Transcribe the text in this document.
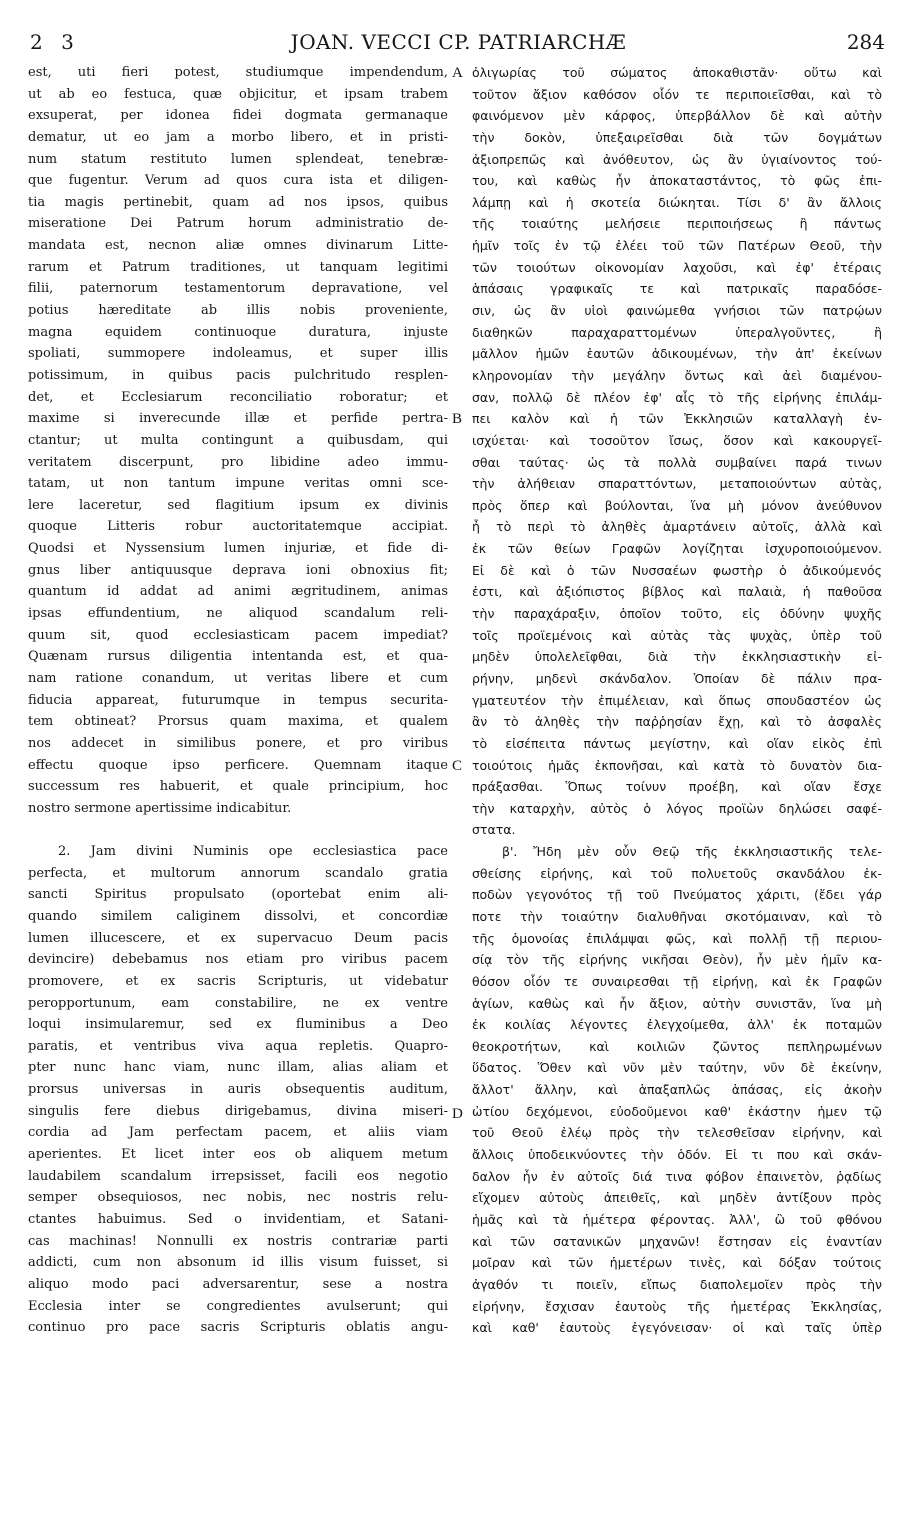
2 3	JOAN. VECCI CP. PATRIARCHÆ	284
est, uti fieri potest, studiumque impendendum,
ut ab eo festuca, quæ objicitur, et ipsam trabem
exsuperat, per idonea fidei dogmata germanaque
dematur, ut eo jam a morbo libero, et in pristi-
num statum restituto lumen splendeat, tenebræ-
que fugentur. Verum ad quos cura ista et diligen-
tia magis pertinebit, quam ad nos ipsos, quibus
miseratione Dei Patrum horum administratio de-
mandata est, necnon aliæ omnes divinarum Litte-
rarum et Patrum traditiones, ut tanquam legitimi
filii, paternorum testamentorum depravatione, vel
potius hæreditate ab illis nobis proveniente,
magna equidem continuoque duratura, injuste
spoliati, summopere indoleamus, et super illis
potissimum, in quibus pacis pulchritudo resplen-
det, et Ecclesiarum reconciliatio roboratur; et
maxime si inverecunde illæ et perfide pertra-
ctantur; ut multa contingunt a quibusdam, qui
veritatem discerpunt, pro libidine adeo immu-
tatam, ut non tantum impune veritas omni sce-
lere laceretur, sed flagitium ipsum ex divinis
quoque Litteris robur auctoritatemque accipiat.
Quodsi et Nyssensium lumen injuriæ, et fide di-
gnus liber antiquusque deprava ioni obnoxius fit;
quantum id addat ad animi ægritudinem, animas
ipsas effundentium, ne aliquod scandalum reli-
quum sit, quod ecclesiasticam pacem impediat?
Quænam rursus diligentia intentanda est, et qua-
nam ratione conandum, ut veritas libere et cum
fiducia appareat, futurumque in tempus securita-
tem obtineat? Prorsus quam maxima, et qualem
nos addecet in similibus ponere, et pro viribus
effectu quoque ipso perficere. Quemnam itaque
successum res habuerit, et quale principium, hoc
nostro sermone apertissime indicabitur.
2. Jam divini Numinis ope ecclesiastica pace
perfecta, et multorum annorum scandalo gratia
sancti Spiritus propulsato (oportebat enim ali-
quando similem caliginem dissolvi, et concordiæ
lumen illucescere, et ex supervacuo Deum pacis
devincire) debebamus nos etiam pro viribus pacem
promovere, et ex sacris Scripturis, ut videbatur
peropportunum, eam constabilire, ne ex ventre
loqui insimularemur, sed ex fluminibus a Deo
paratis, et ventribus viva aqua repletis. Quapro-
pter nunc hanc viam, nunc illam, alias aliam et
prorsus universas in auris obsequentis auditum,
singulis fere diebus dirigebamus, divina miseri-
cordia ad Jam perfectam pacem, et aliis viam
aperientes. Et licet inter eos ob aliquem metum
laudabilem scandalum irrepsisset, facili eos negotio
semper obsequiosos, nec nobis, nec nostris relu-
ctantes habuimus. Sed o invidentiam, et Satani-
cas machinas! Nonnulli ex nostris contrariæ parti
addicti, cum non absonum id illis visum fuisset, si
aliquo modo paci adversarentur, sese a nostra
Ecclesia inter se congredientes avulserunt; qui
continuo pro pace sacris Scripturis oblatis angu-
ὀλιγωρίας τοῦ σώματος ἀποκαθιστᾶν· οὕτω καὶ
τοῦτον ἄξιον καθόσον οἷόν τε περιποιεῖσθαι, καὶ τὸ
φαινόμενον μὲν κάρφος, ὑπερβάλλον δὲ καὶ αὐτὴν
τὴν δοκὸν, ὑπεξαιρεῖσθαι διὰ τῶν δογμάτων
ἀξιοπρεπῶς καὶ ἀνόθευτον, ὡς ἂν ὑγιαίνοντος τού-
του, καὶ καθὼς ἦν ἀποκαταστάντος, τὸ φῶς ἐπι-
λάμπῃ καὶ ἡ σκοτεία διώκηται. Τίσι δ' ἂν ἄλλοις
τῆς τοιαύτης μελήσειε περιποιήσεως ἢ πάντως
ἡμῖν τοῖς ἐν τῷ ἐλέει τοῦ τῶν Πατέρων Θεοῦ, τὴν
τῶν τοιούτων οἰκονομίαν λαχοῦσι, καὶ ἐφ' ἑτέραις
ἁπάσαις γραφικαῖς τε καὶ πατρικαῖς παραδόσε-
σιν, ὡς ἂν υἱοὶ φαινώμεθα γνήσιοι τῶν πατρῴων
διαθηκῶν παραχαραττομένων ὑπεραλγοῦντες, ἢ
μᾶλλον ἡμῶν ἑαυτῶν ἀδικουμένων, τὴν ἀπ' ἐκείνων
κληρονομίαν τὴν μεγάλην ὄντως καὶ ἀεὶ διαμένου-
σαν, πολλῷ δὲ πλέον ἐφ' αἷς τὸ τῆς εἰρήνης ἐπιλάμ-
πει καλὸν καὶ ἡ τῶν Ἐκκλησιῶν καταλλαγὴ ἐν-
ισχύεται· καὶ τοσοῦτον ἴσως, ὅσον καὶ κακουργεῖ-
σθαι ταύτας· ὡς τὰ πολλὰ συμβαίνει παρά τινων
τὴν ἀλήθειαν σπαραττόντων, μεταποιούντων αὐτὰς,
πρὸς ὅπερ καὶ βούλονται, ἵνα μὴ μόνον ἀνεύθυνον
ἦ τὸ περὶ τὸ ἀληθὲς ἁμαρτάνειν αὐτοῖς, ἀλλὰ καὶ
ἐκ τῶν θείων Γραφῶν λογίζηται ἰσχυροποιούμενον.
Εἰ δὲ καὶ ὁ τῶν Νυσσαέων φωστὴρ ὁ ἀδικούμενός
ἐστι, καὶ ἀξιόπιστος βίβλος καὶ παλαιὰ, ἡ παθοῦσα
τὴν παραχάραξιν, ὁποῖον τοῦτο, εἰς ὀδύνην ψυχῆς
τοῖς προϊεμένοις καὶ αὐτὰς τὰς ψυχὰς, ὑπὲρ τοῦ
μηδὲν ὑπολελεῖφθαι, διὰ τὴν ἐκκλησιαστικὴν εἰ-
ρήνην, μηδενὶ σκάνδαλον. Ὁποίαν δὲ πάλιν πρα-
γματευτέον τὴν ἐπιμέλειαν, καὶ ὅπως σπουδαστέον ὡς
ἂν τὸ ἀληθὲς τὴν παῤῥησίαν ἔχῃ, καὶ τὸ ἀσφαλὲς
τὸ εἰσέπειτα πάντως μεγίστην, καὶ οἵαν εἰκὸς ἐπὶ
τοιούτοις ἡμᾶς ἐκπονῆσαι, καὶ κατὰ τὸ δυνατὸν δια-
πράξασθαι. Ὅπως τοίνυν προέβη, καὶ οἵαν ἔσχε
τὴν καταρχὴν, αὐτὸς ὁ λόγος προϊὼν δηλώσει σαφέ-
στατα.
β'. Ἤδη μὲν οὖν Θεῷ τῆς ἐκκλησιαστικῆς τελε-
σθείσης εἰρήνης, καὶ τοῦ πολυετοῦς σκανδάλου ἐκ-
ποδὼν γεγονότος τῇ τοῦ Πνεύματος χάριτι, (ἔδει γάρ
ποτε τὴν τοιαύτην διαλυθῆναι σκοτόμαιναν, καὶ τὸ
τῆς ὁμονοίας ἐπιλάμψαι φῶς, καὶ πολλῇ τῇ περιου-
σίᾳ τὸν τῆς εἰρήνης νικῆσαι Θεὸν), ἦν μὲν ἡμῖν κα-
θόσον οἷόν τε συναιρεσθαι τῇ εἰρήνῃ, καὶ ἐκ Γραφῶν
ἁγίων, καθὼς καὶ ἦν ἄξιον, αὐτὴν συνιστᾶν, ἵνα μὴ
ἐκ κοιλίας λέγοντες ἐλεγχοίμεθα, ἀλλ' ἐκ ποταμῶν
θεοκροτήτων, καὶ κοιλιῶν ζῶντος πεπληρωμένων
ὕδατος. Ὅθεν καὶ νῦν μὲν ταύτην, νῦν δὲ ἐκείνην,
ἄλλοτ' ἄλλην, καὶ ἁπαξαπλῶς ἁπάσας, εἰς ἀκοὴν
ὠτίου δεχόμενοι, εὐοδοῦμενοι καθ' ἑκάστην ἡμεν τῷ
τοῦ Θεοῦ ἐλέῳ πρὸς τὴν τελεσθεῖσαν εἰρήνην, καὶ
ἄλλοις ὑποδεικνύοντες τὴν ὁδόν. Εἰ τι που καὶ σκάν-
δαλον ἦν ἐν αὐτοῖς διά τινα φόβον ἐπαινετὸν, ῥᾳδίως
εἴχομεν αὐτοὺς ἀπειθεῖς, καὶ μηδὲν ἀντίξουν πρὸς
ἡμᾶς καὶ τὰ ἡμέτερα φέροντας. Ἀλλ', ὢ τοῦ φθόνου
καὶ τῶν σατανικῶν μηχανῶν! ἔστησαν εἰς ἐναντίαν
μοῖραν καὶ τῶν ἡμετέρων τινὲς, καὶ δόξαν τούτοις
ἀγαθόν τι ποιεῖν, εἴπως διαπολεμοῖεν πρὸς τὴν
εἰρήνην, ἔσχισαν ἑαυτοὺς τῆς ἡμετέρας Ἐκκλησίας,
καὶ καθ' ἑαυτοὺς ἐγεγόνεισαν· οἱ καὶ ταῖς ὑπὲρ
A
B
C
D
